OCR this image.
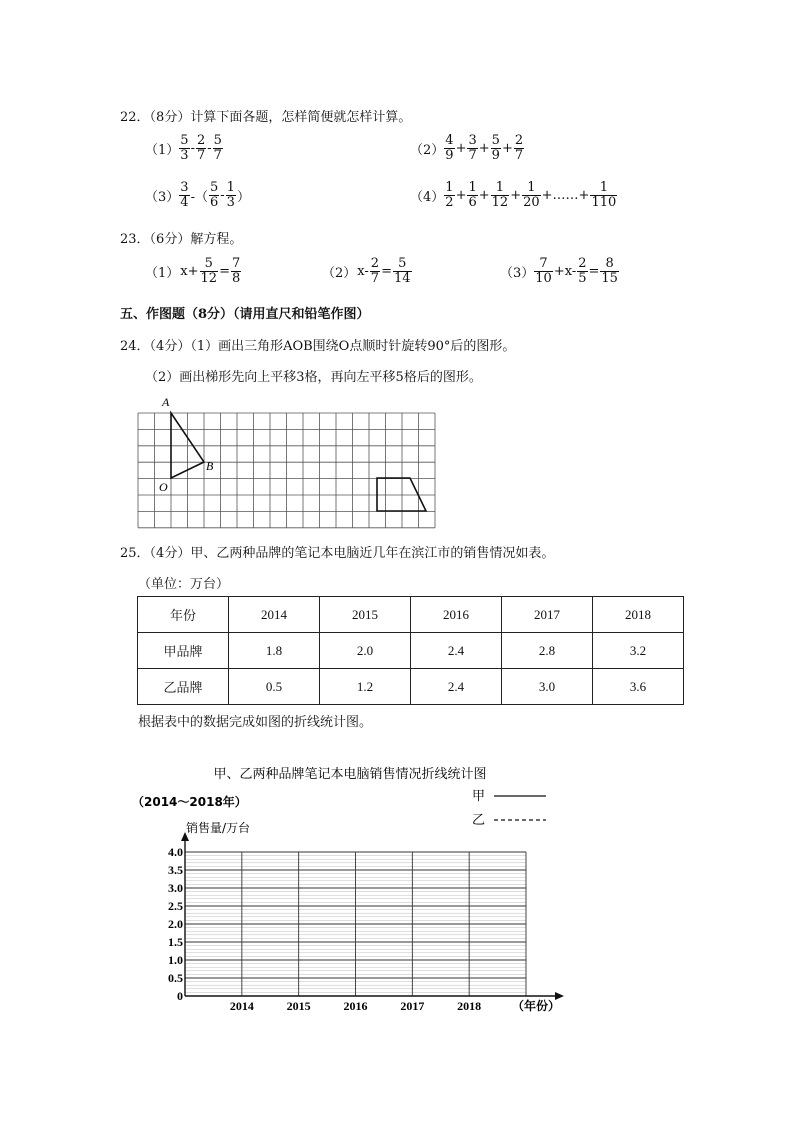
22．（8分）计算下面各题，怎样简便就怎样计算。
$(1) \frac{5}{3} - \frac{2}{7} - \frac{5}{7}$	$(2) \frac{4}{9} + \frac{3}{7} + \frac{5}{9} + \frac{2}{7}$
$(3) \frac{3}{4}$ -（ $\frac{5}{6} - \frac{1}{3}$ ）	$(4) \frac{1}{2} + \frac{1}{6} + \frac{1}{12} + \frac{1}{20}$ +……+ $\frac{1}{110}$
23．（6分）解方程。
（1） $x+ \frac{5}{12} = \frac{7}{8}$	（2） $x- \frac{2}{7} = \frac{5}{14}$	$(3) \frac{7}{10} +x- \frac{2}{5} = \frac{8}{15}$
五、作图题（8分）（请用直尺和铅笔作图）
24．（4分）（1）画出三角形AOB围绕O点顺时针旋转90°后的图形。
（2）画出梯形先向上平移3格，再向左平移5格后的图形。
A
B
O
25．（4分）甲、乙两种品牌的笔记本电脑近几年在滨江市的销售情况如表。
（单位：万台）
年份	2014	2015	2016	2017	2018
甲品牌	1.8	2.0	2.4	2.8	3.2
乙品牌	0.5	1.2	2.4	3.0	3.6
根据表中的数据完成如图的折线统计图。
甲、乙两种品牌笔记本电脑销售情况折线统计图
（2014～2018年）
销售量/万台
甲
乙
0
0.5
1.0
1.5
2.0
2.5
3.0
3.5
4.0
2014	2015	2016	2017	2018	（年份）
